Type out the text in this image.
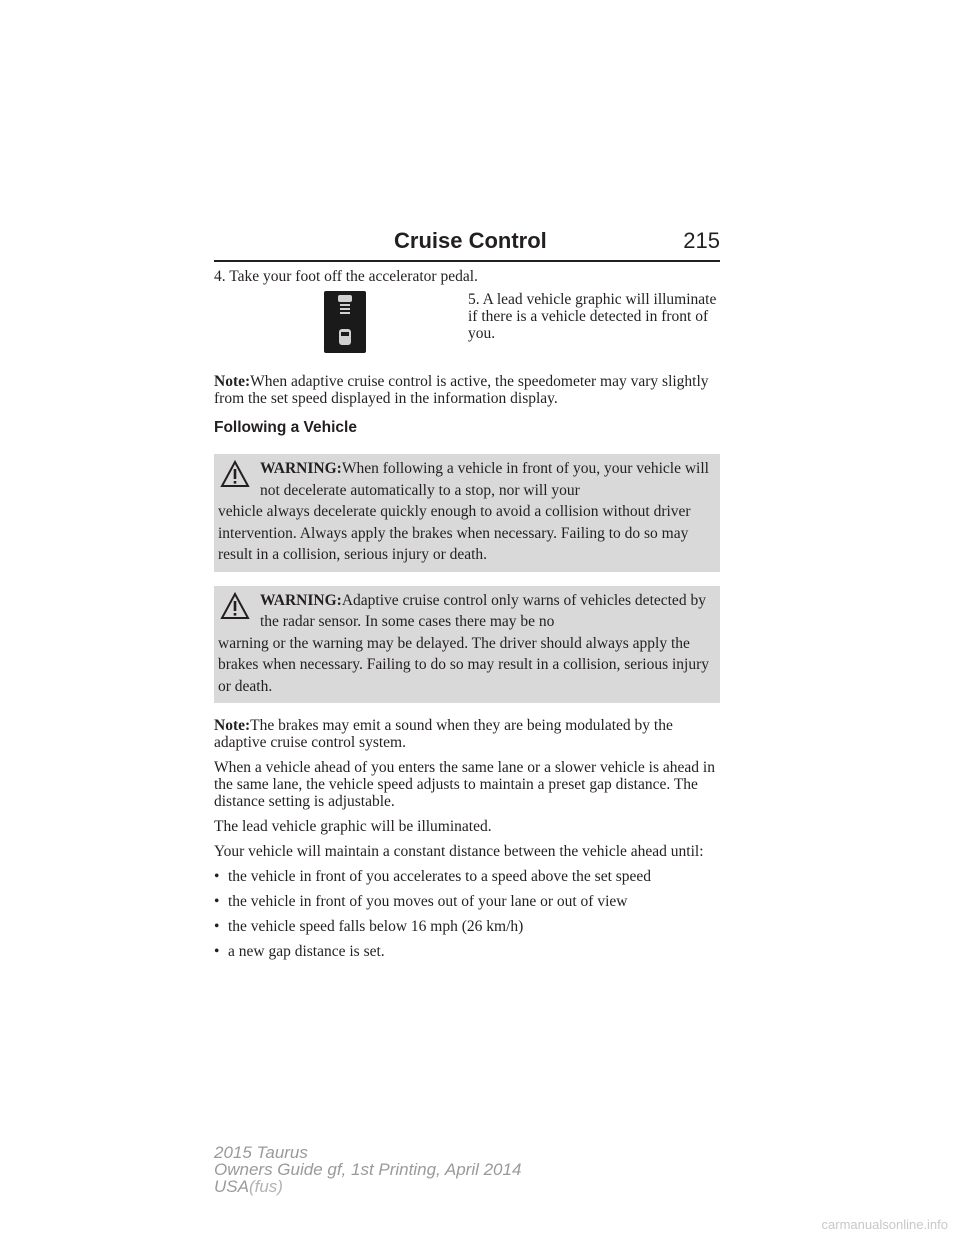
Cruise Control	215

4. Take your foot off the accelerator pedal.

5. A lead vehicle graphic will illuminate if there is a vehicle detected in front of you.

Note:When adaptive cruise control is active, the speedometer may vary slightly from the set speed displayed in the information display.

Following a Vehicle

WARNING:When following a vehicle in front of you, your vehicle will not decelerate automatically to a stop, nor will your

vehicle always decelerate quickly enough to avoid a collision without driver intervention. Always apply the brakes when necessary. Failing to do so may result in a collision, serious injury or death.

WARNING:Adaptive cruise control only warns of vehicles detected by the radar sensor. In some cases there may be no

warning or the warning may be delayed. The driver should always apply the brakes when necessary. Failing to do so may result in a collision, serious injury or death.

Note:The brakes may emit a sound when they are being modulated by the adaptive cruise control system.

When a vehicle ahead of you enters the same lane or a slower vehicle is ahead in the same lane, the vehicle speed adjusts to maintain a preset gap distance. The distance setting is adjustable.

The lead vehicle graphic will be illuminated.

Your vehicle will maintain a constant distance between the vehicle ahead until:

• the vehicle in front of you accelerates to a speed above the set speed
• the vehicle in front of you moves out of your lane or out of view
• the vehicle speed falls below 16 mph (26 km/h)
• a new gap distance is set.
2015 Taurus
Owners Guide gf, 1st Printing, April 2014
USA(fus)
carmanualsonline.info
